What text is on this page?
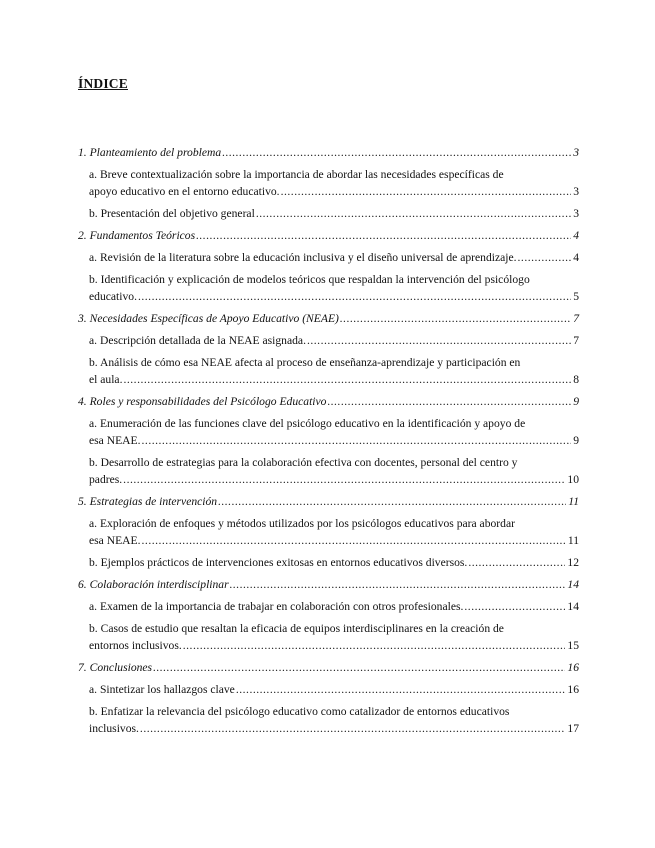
ÍNDICE
1. Planteamiento del problema .....	3
a. Breve contextualización sobre la importancia de abordar las necesidades específicas de
apoyo educativo en el entorno educativo. .....	3
b. Presentación del objetivo general .....	3
2. Fundamentos Teóricos .....	4
a. Revisión de la literatura sobre la educación inclusiva y el diseño universal de aprendizaje. .....	4
b. Identificación y explicación de modelos teóricos que respaldan la intervención del psicólogo
educativo. .....	5
3. Necesidades Específicas de Apoyo Educativo (NEAE) .....	7
a. Descripción detallada de la NEAE asignada. .....	7
b. Análisis de cómo esa NEAE afecta al proceso de enseñanza-aprendizaje y participación en
el aula. .....	8
4. Roles y responsabilidades del Psicólogo Educativo .....	9
a. Enumeración de las funciones clave del psicólogo educativo en la identificación y apoyo de
esa NEAE. .....	9
b. Desarrollo de estrategias para la colaboración efectiva con docentes, personal del centro y
padres. .....	10
5. Estrategias de intervención .....	11
a. Exploración de enfoques y métodos utilizados por los psicólogos educativos para abordar
esa NEAE. .....	11
b. Ejemplos prácticos de intervenciones exitosas en entornos educativos diversos. .....	12
6. Colaboración interdisciplinar .....	14
a. Examen de la importancia de trabajar en colaboración con otros profesionales. .....	14
b. Casos de estudio que resaltan la eficacia de equipos interdisciplinares en la creación de
entornos inclusivos. .....	15
7. Conclusiones .....	16
a. Sintetizar los hallazgos clave .....	16
b. Enfatizar la relevancia del psicólogo educativo como catalizador de entornos educativos
inclusivos. .....	17
